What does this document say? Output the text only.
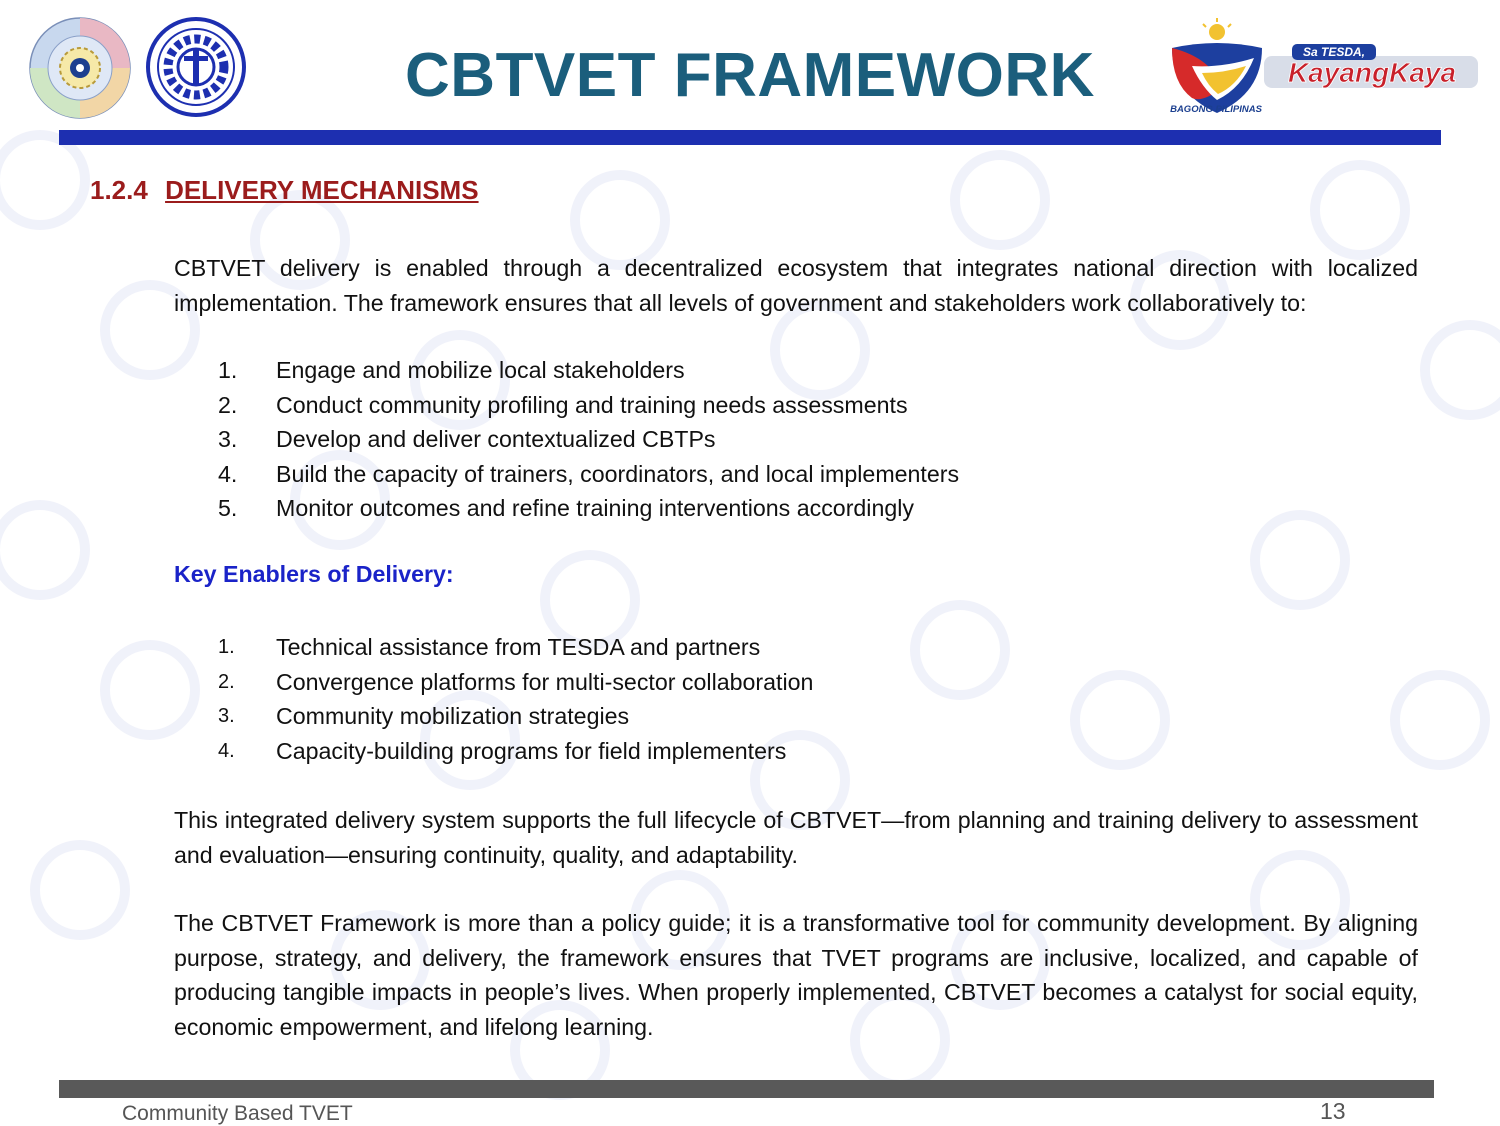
CBTVET FRAMEWORK	BAGONG PILIPINAS
Sa TESDA,
KayangKaya
1.2.4 DELIVERY MECHANISMS
CBTVET delivery is enabled through a decentralized ecosystem that integrates national direction with localized implementation. The framework ensures that all levels of government and stakeholders work collaboratively to:
1. Engage and mobilize local stakeholders
2. Conduct community profiling and training needs assessments
3. Develop and deliver contextualized CBTPs
4. Build the capacity of trainers, coordinators, and local implementers
5. Monitor outcomes and refine training interventions accordingly
Key Enablers of Delivery:
1. Technical assistance from TESDA and partners
2. Convergence platforms for multi-sector collaboration
3. Community mobilization strategies
4. Capacity-building programs for field implementers
This integrated delivery system supports the full lifecycle of CBTVET—from planning and training delivery to assessment and evaluation—ensuring continuity, quality, and adaptability.
The CBTVET Framework is more than a policy guide; it is a transformative tool for community development. By aligning purpose, strategy, and delivery, the framework ensures that TVET programs are inclusive, localized, and capable of producing tangible impacts in people’s lives. When properly implemented, CBTVET becomes a catalyst for social equity, economic empowerment, and lifelong learning.
Community Based TVET	13
